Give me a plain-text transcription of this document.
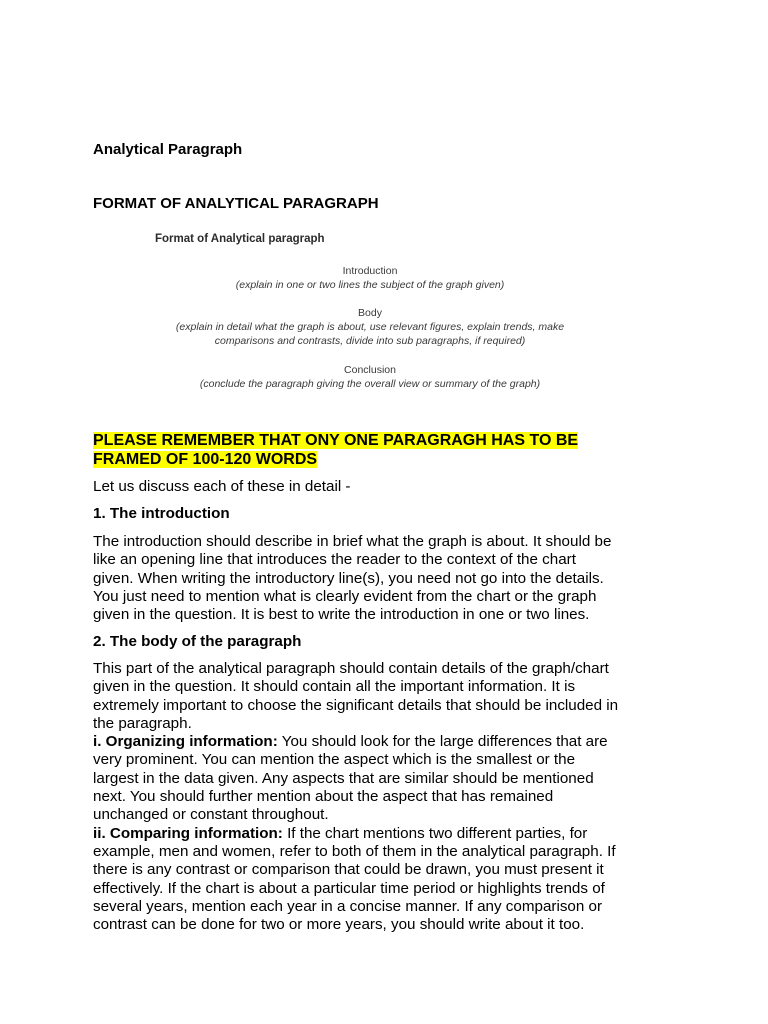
Analytical Paragraph

FORMAT OF ANALYTICAL PARAGRAPH

Format of Analytical paragraph
Introduction
(explain in one or two lines the subject of the graph given)
Body
(explain in detail what the graph is about, use relevant figures, explain trends, make
comparisons and contrasts, divide into sub paragraphs, if required)
Conclusion
(conclude the paragraph giving the overall view or summary of the graph)

PLEASE REMEMBER THAT ONY ONE PARAGRAGH HAS TO BE
FRAMED OF 100-120 WORDS

Let us discuss each of these in detail -

1. The introduction

The introduction should describe in brief what the graph is about. It should be
like an opening line that introduces the reader to the context of the chart
given. When writing the introductory line(s), you need not go into the details.
You just need to mention what is clearly evident from the chart or the graph
given in the question. It is best to write the introduction in one or two lines.

2. The body of the paragraph

This part of the analytical paragraph should contain details of the graph/chart
given in the question. It should contain all the important information. It is
extremely important to choose the significant details that should be included in
the paragraph.
i. Organizing information: You should look for the large differences that are
very prominent. You can mention the aspect which is the smallest or the
largest in the data given. Any aspects that are similar should be mentioned
next. You should further mention about the aspect that has remained
unchanged or constant throughout.
ii. Comparing information: If the chart mentions two different parties, for
example, men and women, refer to both of them in the analytical paragraph. If
there is any contrast or comparison that could be drawn, you must present it
effectively. If the chart is about a particular time period or highlights trends of
several years, mention each year in a concise manner. If any comparison or
contrast can be done for two or more years, you should write about it too.
